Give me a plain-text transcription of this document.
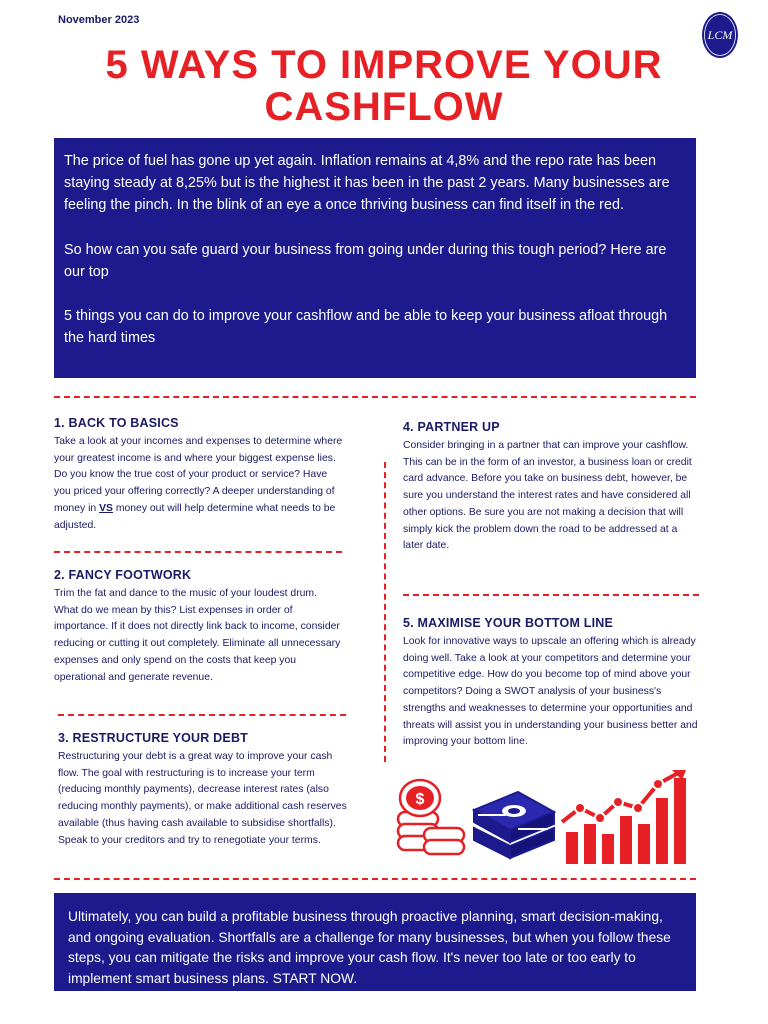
November 2023
LCM
5 WAYS TO IMPROVE YOUR
CASHFLOW

The price of fuel has gone up yet again. Inflation remains at 4,8% and the repo rate has been staying steady at 8,25% but is the highest it has been in the past 2 years. Many businesses are feeling the pinch. In the blink of an eye a once thriving business can find itself in the red.

So how can you safe guard your business from going under during this tough period? Here are our top

5 things you can do to improve your cashflow and be able to keep your business afloat through the hard times

1. BACK TO BASICS

Take a look at your incomes and expenses to determine where your greatest income is and where your biggest expense lies. Do you know the true cost of your product or service? Have you priced your offering correctly? A deeper understanding of money in VS money out will help determine what needs to be adjusted.

2. FANCY FOOTWORK

Trim the fat and dance to the music of your loudest drum. What do we mean by this? List expenses in order of importance. If it does not directly link back to income, consider reducing or cutting it out completely. Eliminate all unnecessary expenses and only spend on the costs that keep you operational and generate revenue.

3. RESTRUCTURE YOUR DEBT

Restructuring your debt is a great way to improve your cash flow. The goal with restructuring is to increase your term (reducing monthly payments), decrease interest rates (also reducing monthly payments), or make additional cash reserves available (thus having cash available to subsidise shortfalls). Speak to your creditors and try to renegotiate your terms.

4. PARTNER UP

Consider bringing in a partner that can improve your cashflow. This can be in the form of an investor, a business loan or credit card advance. Before you take on business debt, however, be sure you understand the interest rates and have considered all other options. Be sure you are not making a decision that will simply kick the problem down the road to be addressed at a later date.

5. MAXIMISE YOUR BOTTOM LINE

Look for innovative ways to upscale an offering which is already doing well. Take a look at your competitors and determine your competitive edge. How do you become top of mind above your competitors? Doing a SWOT analysis of your business's strengths and weaknesses to determine your opportunities and threats will assist you in understanding your business better and improving your bottom line.

$

Ultimately, you can build a profitable business through proactive planning, smart decision-making, and ongoing evaluation. Shortfalls are a challenge for many businesses, but when you follow these steps, you can mitigate the risks and improve your cash flow. It's never too late or too early to implement smart business plans. START NOW.
